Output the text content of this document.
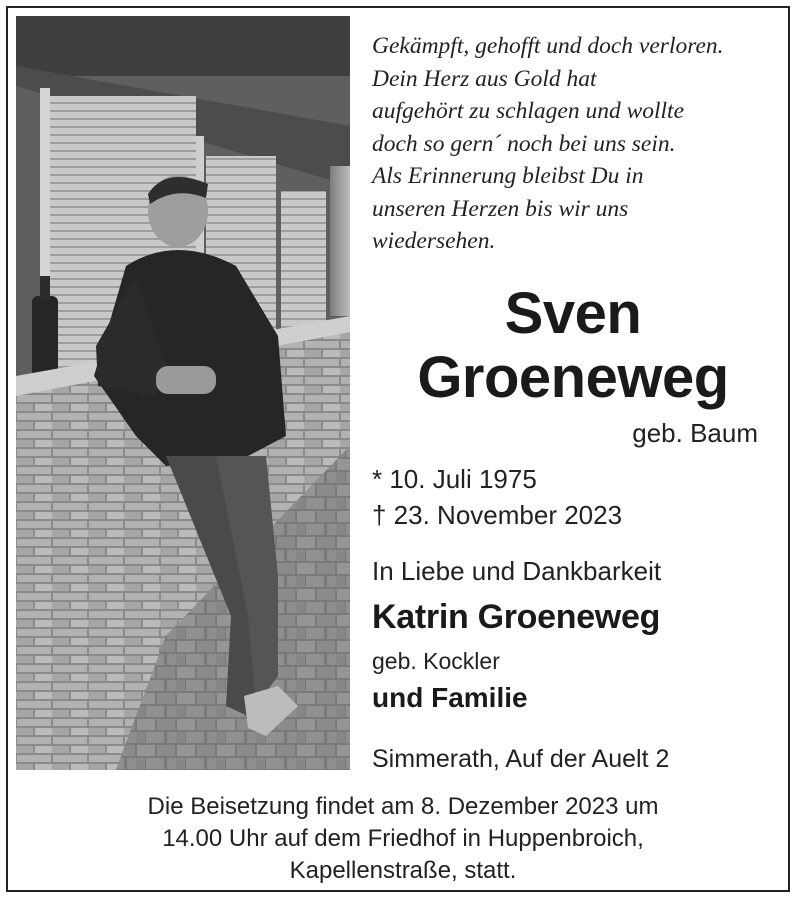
Gekämpft, gehofft und doch verloren.
Dein Herz aus Gold hat
aufgehört zu schlagen und wollte
doch so gern´ noch bei uns sein.
Als Erinnerung bleibst Du in
unseren Herzen bis wir uns
wiedersehen.
Sven
Groeneweg
geb. Baum
* 10. Juli 1975
† 23. November 2023
In Liebe und Dankbarkeit
Katrin Groeneweg
geb. Kockler
und Familie
Simmerath, Auf der Auelt 2
Die Beisetzung findet am 8. Dezember 2023 um
14.00 Uhr auf dem Friedhof in Huppenbroich,
Kapellenstraße, statt.
